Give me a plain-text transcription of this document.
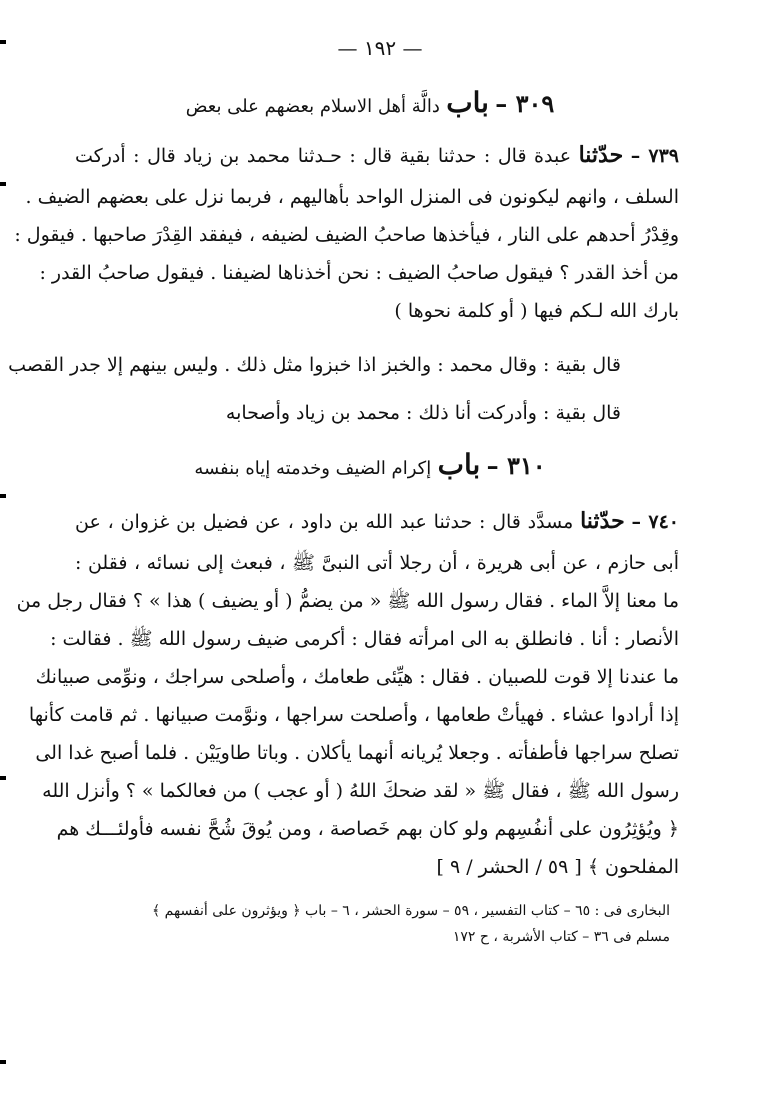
— ١٩٢ —
٣٠٩ – باب دالَّة أهل الاسلام بعضهم على بعض
٧٣٩ – حدّثنا عبدة قال : حدثنا بقية قال : حـدثنا محمد بن زياد قال : أدركت
السلف ، وانهم ليكونون فى المنزل الواحد بأهاليهم ، فربما نزل على بعضهم الضيف .
وقِدْرُ أحدهم على النار ، فيأخذها صاحبُ الضيف لضيفه ، فيفقد القِدْرَ صاحبها . فيقول :
من أخذ القدر ؟ فيقول صاحبُ الضيف : نحن أخذناها لضيفنا . فيقول صاحبُ القدر :
بارك الله لـكم فيها ( أو كلمة نحوها )
قال بقية : وقال محمد : والخبز اذا خبزوا مثل ذلك . وليس بينهم إلا جدر القصب
قال بقية : وأدركت أنا ذلك : محمد بن زياد وأصحابه
٣١٠ – باب إكرام الضيف وخدمته إياه بنفسه
٧٤٠ – حدّثنا مسدَّد قال : حدثنا عبد الله بن داود ، عن فضيل بن غزوان ، عن
أبى حازم ، عن أبى هريرة ، أن رجلا أتى النبىَّ ﷺ ، فبعث إلى نسائه ، فقلن :
ما معنا إلاَّ الماء . فقال رسول الله ﷺ « من يضمُّ ( أو يضيف ) هذا » ؟ فقال رجل من
الأنصار : أنا . فانطلق به الى امرأته فقال : أكرمى ضيف رسول الله ﷺ . فقالت :
ما عندنا إلا قوت للصبيان . فقال : هيِّئى طعامك ، وأصلحى سراجك ، ونوِّمى صبيانك
إذا أرادوا عشاء . فهيأتْ طعامها ، وأصلحت سراجها ، ونوَّمت صبيانها . ثم قامت كأنها
تصلح سراجها فأطفأته . وجعلا يُريانه أنهما يأكلان . وباتا طاويَيْن . فلما أصبح غدا الى
رسول الله ﷺ ، فقال ﷺ « لقد ضحكَ اللهُ ( أو عجب ) من فعالكما » ؟ وأنزل الله
﴿ ويُؤثِرُون على أنفُسِهم ولو كان بهم خَصاصة ، ومن يُوقَ شُحَّ نفسه فأولئـــك هم
المفلحون ﴾ [ ٥٩ / الحشر / ٩ ]
البخارى فى : ٦٥ – كتاب التفسير ، ٥٩ – سورة الحشر ، ٦ – باب ﴿ ويؤثرون على أنفسهم ﴾
مسلم فى ٣٦ – كتاب الأشربة ، ح ١٧٢
